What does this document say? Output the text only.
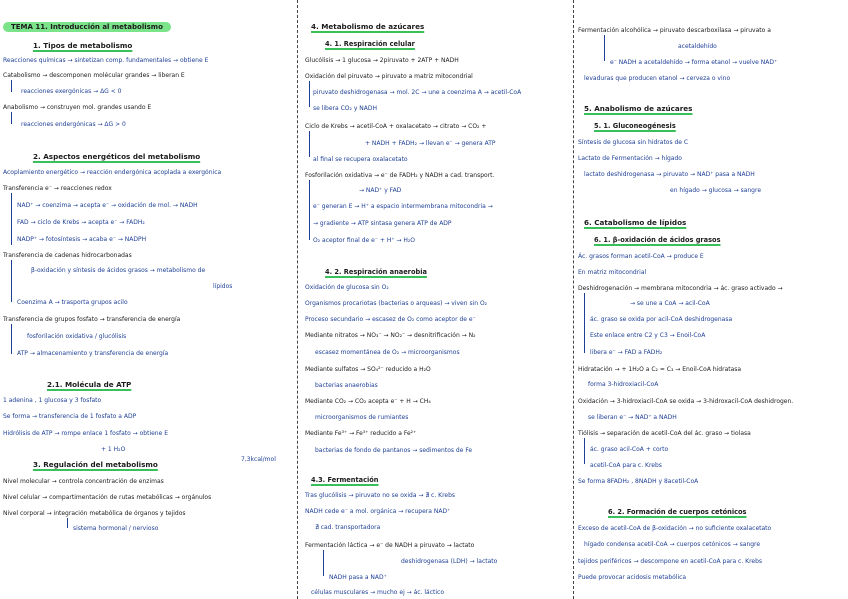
TEMA 11. Introducción al metabolismo
1. Tipos de metabolismo
Reacciones químicas → sintetizan comp. fundamentales → obtiene E
Catabolismo → descomponen molécular grandes → liberan E
reacciones exergónicas → ΔG < 0
Anabolismo → construyen mol. grandes usando E
reacciones endergónicas → ΔG > 0
2. Aspectos energéticos del metabolismo
Acoplamiento energético → reacción endergónica acoplada a exergónica
Transferencia e⁻ → reacciones redox
NAD⁺ → coenzima → acepta e⁻ → oxidación de mol. → NADH
FAD → ciclo de Krebs → acepta e⁻ → FADH₂
NADP⁺ → fotosíntesis → acaba e⁻ → NADPH
Transferencia de cadenas hidrocarbonadas
β-oxidación y síntesis de ácidos grasos → metabolismo de
lípidos
Coenzima A → trasporta grupos acilo
Transferencia de grupos fosfato → transferencia de energía
fosforilación oxidativa / glucólisis
ATP → almacenamiento y transferencia de energía
2.1. Molécula de ATP
1 adenina , 1 glucosa y 3 fosfato
Se forma → transferencia de 1 fosfato a ADP
Hidrólisis de ATP → rompe enlace 1 fosfato → obtiene E
+ 1 H₂O
7,3kcal/mol
3. Regulación del metabolismo
Nivel molecular → controla concentración de enzimas
Nivel celular → compartimentación de rutas metabólicas → orgánulos
Nivel corporal → integración metabólica de órganos y tejidos
sistema hormonal / nervioso
4. Metabolismo de azúcares
4. 1. Respiración celular
Glucólisis → 1 glucosa → 2piruvato + 2ATP + NADH
Oxidación del piruvato → piruvato a matriz mitocondrial
piruvato deshidrogenasa → mol. 2C → une a coenzima A → acetil-CoA
se libera CO₂ y NADH
Ciclo de Krebs → acetil-CoA + oxalacetato → citrato → CO₂ +
+ NADH + FADH₂ → llevan e⁻ → genera ATP
al final se recupera oxalacetato
Fosforilación oxidativa → e⁻ de FADH₂ y NADH a cad. transport.
→ NAD⁺ y FAD
e⁻ generan E → H⁺ a espacio intermembrana mitocondria →
→ gradiente → ATP sintasa genera ATP de ADP
O₂ aceptor final de e⁻ + H⁺ → H₂O
4. 2. Respiración anaerobia
Oxidación de glucosa sin O₂
Organismos procariotas (bacterias o arqueas) → viven sin O₂
Proceso secundario → escasez de O₂ como aceptor de e⁻
Mediante nitratos → NO₃⁻ → NO₂⁻ → desnitrificación → N₂
escasez momentánea de O₂ → microorganismos
Mediante sulfatos → SO₄²⁻ reducido a H₂O
bacterias anaerobias
Mediante CO₂ → CO₂ acepta e⁻ + H → CH₄
microorganismos de rumiantes
Mediante Fe³⁺ → Fe³⁺ reducido a Fe²⁺
bacterias de fondo de pantanos → sedimentos de Fe
4.3. Fermentación
Tras glucólisis → piruvato no se oxida → ∄ c. Krebs
NADH cede e⁻ a mol. orgánica → recupera NAD⁺
∄ cad. transportadora
Fermentación láctica → e⁻ de NADH a piruvato → lactato
deshidrogenasa (LDH) → lactato
NADH pasa a NAD⁺
células musculares → mucho ej → ác. láctico
Fermentación alcohólica → piruvato descarboxilasa → piruvato a
acetaldehído
e⁻ NADH a acetaldehído → forma etanol → vuelve NAD⁺
levaduras que producen etanol → cerveza o vino
5. Anabolismo de azúcares
5. 1. Gluconeogénesis
Síntesis de glucosa sin hidratos de C
Lactato de Fermentación → hígado
lactato deshidrogenasa → piruvato → NAD⁺ pasa a NADH
en hígado → glucosa → sangre
6. Catabolismo de lípidos
6. 1. β-oxidación de ácidos grasos
Ác. grasos forman acetil-CoA → produce E
En matriz mitocondrial
Deshidrogenación → membrana mitocondria → ác. graso activado →
→ se une a CoA → acil-CoA
ác. graso se oxida por acil-CoA deshidrogenasa
Este enlace entre C2 y C3 → Enoil-CoA
libera e⁻ → FAD a FADH₂
Hidratación → + 1H₂O a C₂ = C₃ → Enoil-CoA hidratasa
forma 3-hidroxiacil-CoA
Oxidación → 3-hidroxiacil-CoA se oxida → 3-hidroxacil-CoA deshidrogen.
se liberan e⁻ → NAD⁺ a NADH
Tiólisis → separación de acetil-CoA del ác. graso → tiolasa
ác. graso acil-CoA + corto
acetil-CoA para c. Krebs
Se forma 8FADH₂ , 8NADH y 8acetil-CoA
6. 2. Formación de cuerpos cetónicos
Exceso de acetil-CoA de β-oxidación → no suficiente oxalacetato
hígado condensa acetil-CoA → cuerpos cetónicos → sangre
tejidos periféricos → descompone en acetil-CoA para c. Krebs
Puede provocar acidosis metabólica
